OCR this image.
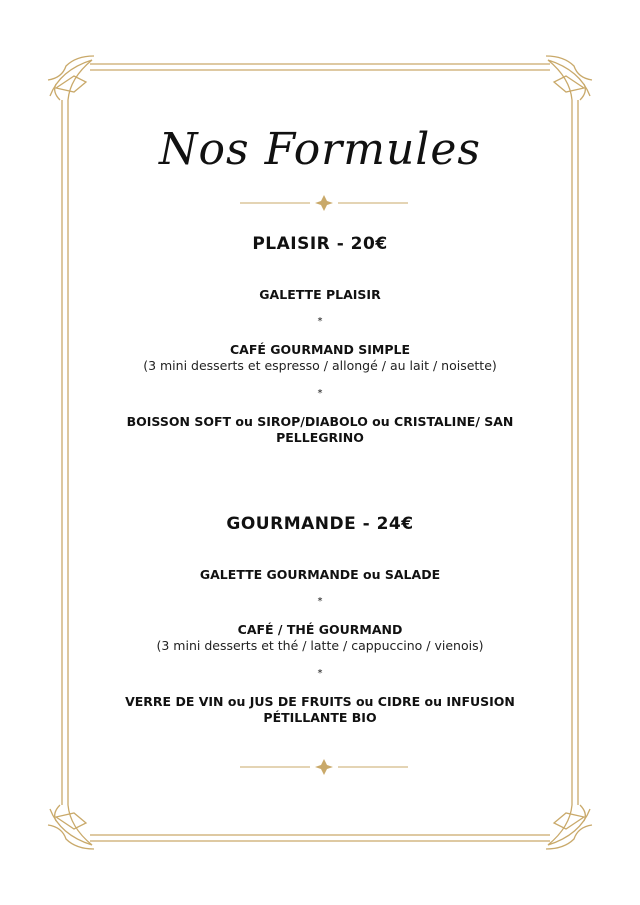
Nos Formules
PLAISIR - 20€
GALETTE PLAISIR
*
CAFÉ GOURMAND SIMPLE
(3 mini desserts et espresso / allongé / au lait / noisette)
*
BOISSON SOFT ou SIROP/DIABOLO ou CRISTALINE/ SAN PELLEGRINO
GOURMANDE - 24€
GALETTE GOURMANDE ou SALADE
*
CAFÉ / THÉ GOURMAND
(3 mini desserts et thé / latte / cappuccino / vienois)
*
VERRE DE VIN ou JUS DE FRUITS ou CIDRE ou INFUSION PÉTILLANTE BIO
